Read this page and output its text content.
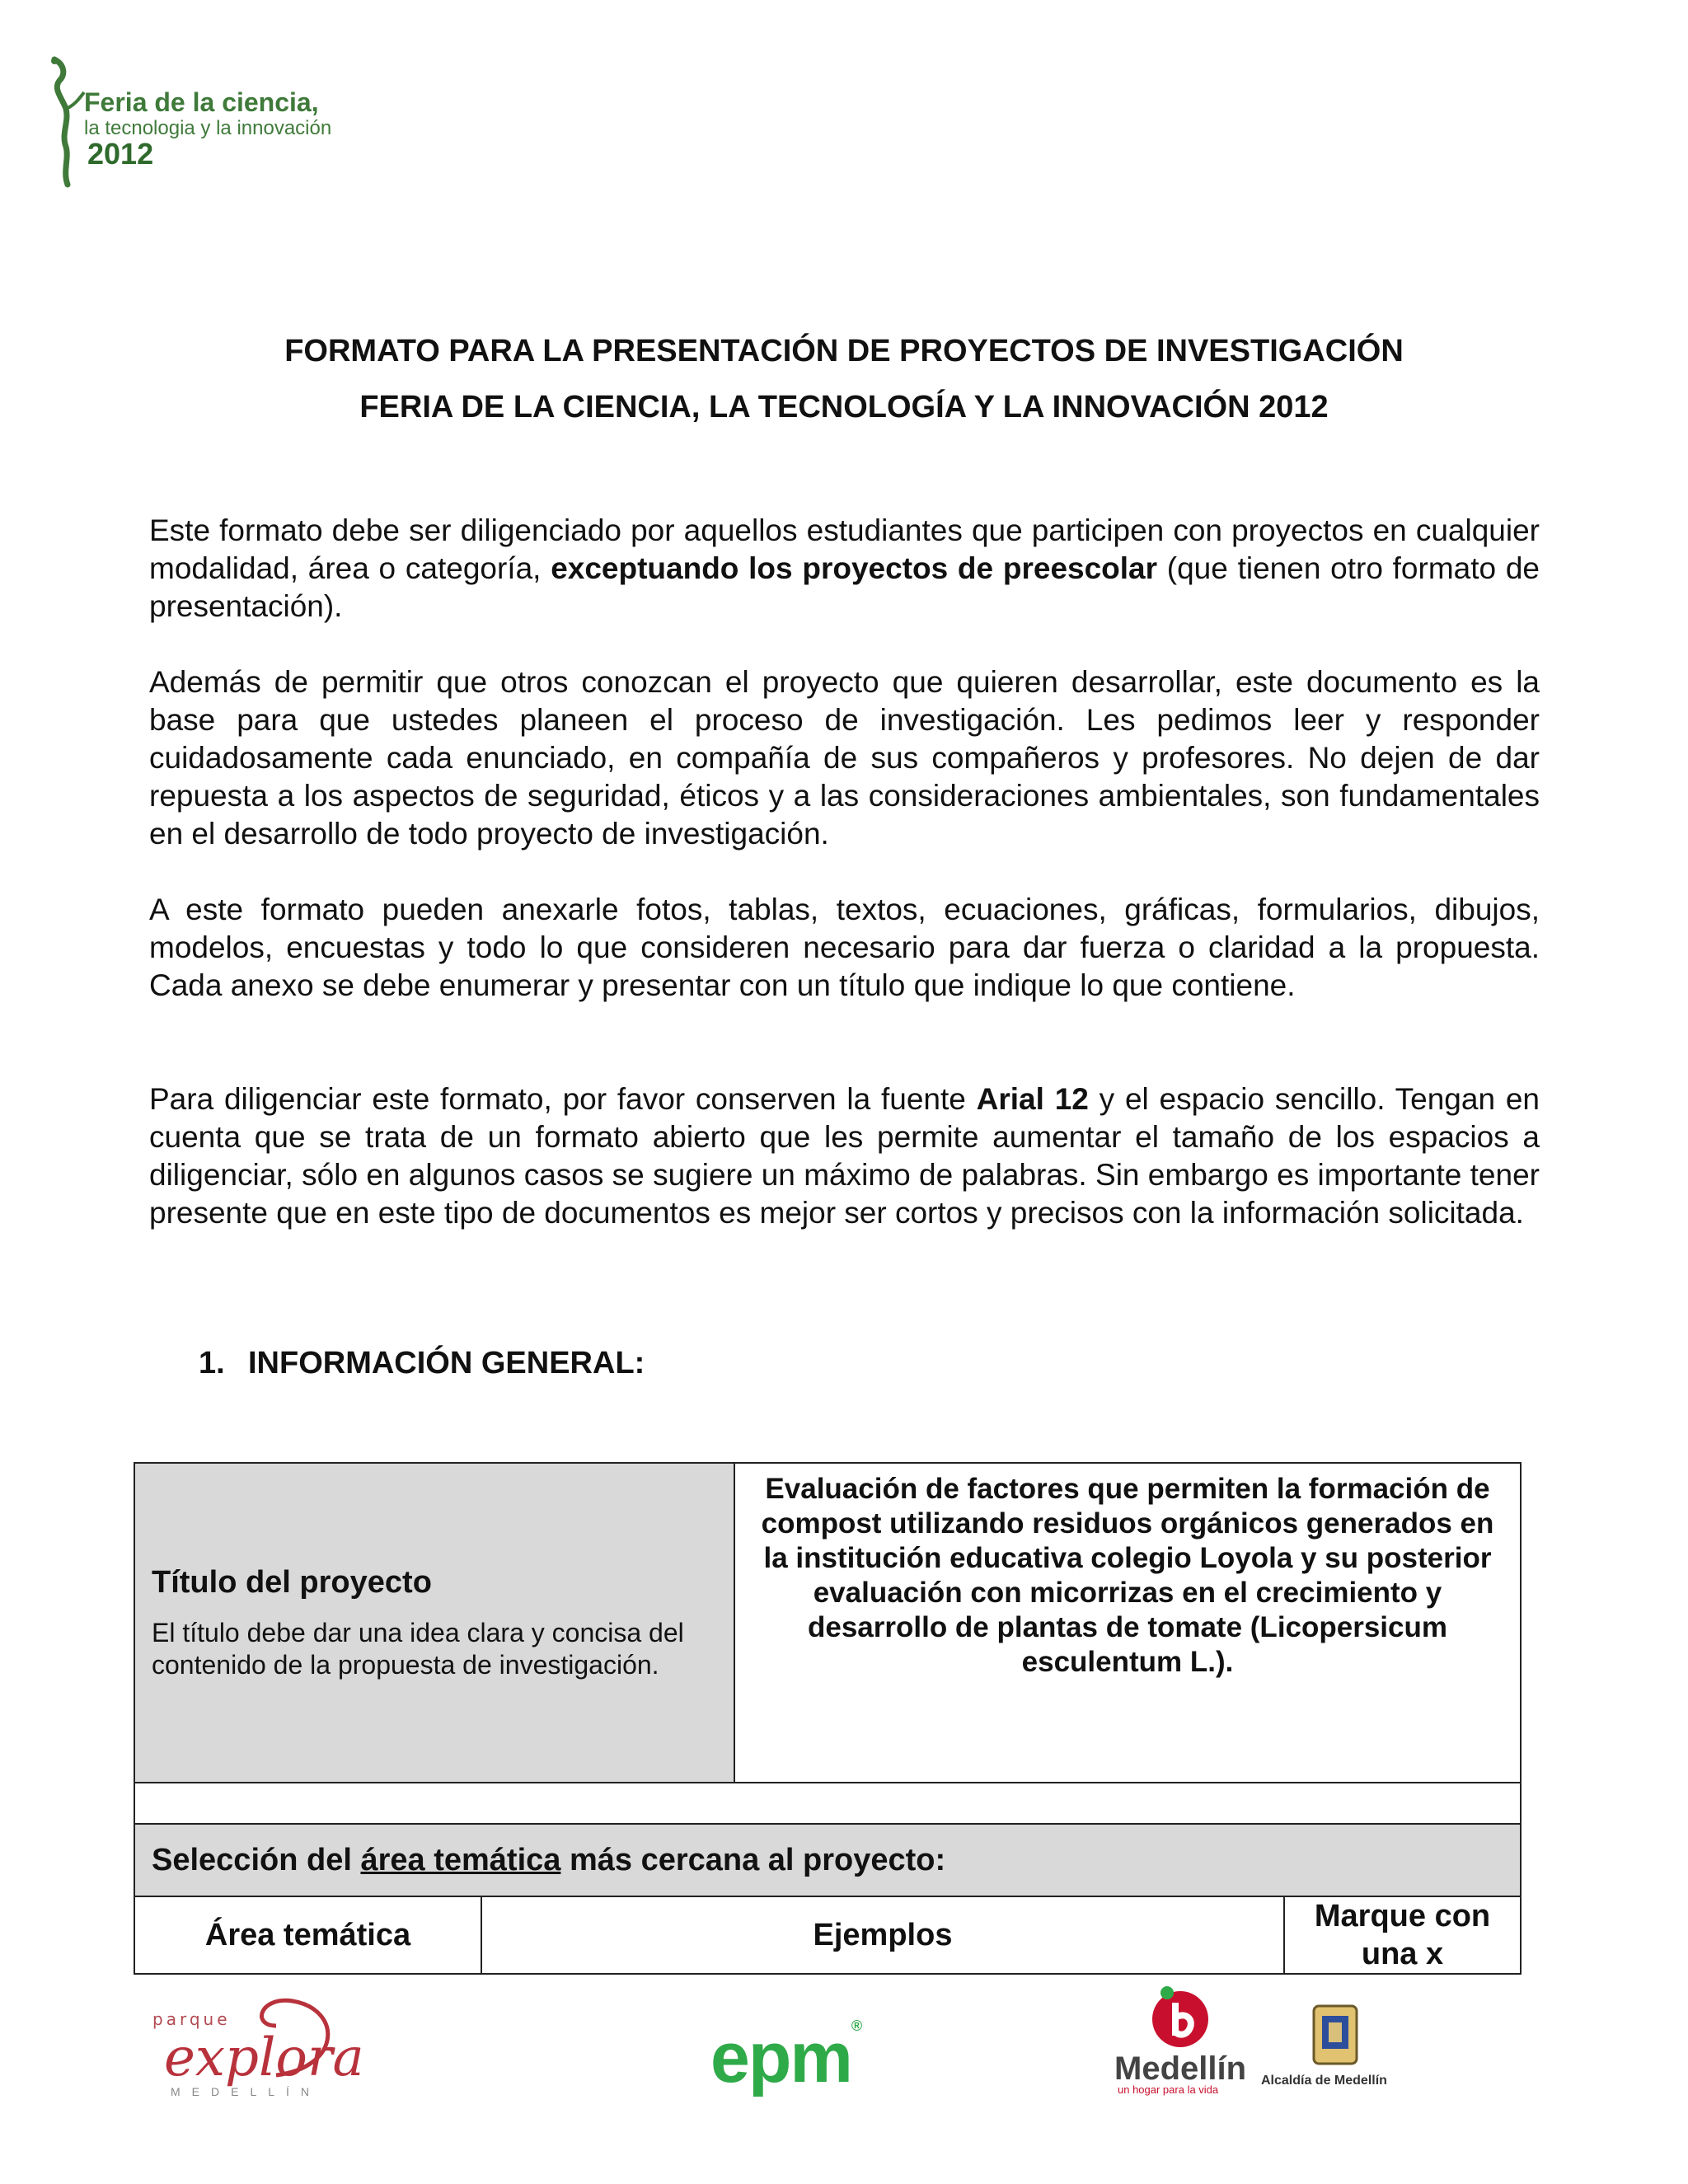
Feria de la ciencia,
la tecnologia y la innovación
2012
FORMATO PARA LA PRESENTACIÓN DE PROYECTOS DE INVESTIGACIÓN
FERIA DE LA CIENCIA, LA TECNOLOGÍA Y LA INNOVACIÓN 2012

Este formato debe ser diligenciado por aquellos estudiantes que participen con proyectos en cualquier modalidad, área o categoría, exceptuando los proyectos de preescolar (que tienen otro formato de presentación).

Además de permitir que otros conozcan el proyecto que quieren desarrollar, este documento es la base para que ustedes planeen el proceso de investigación. Les pedimos leer y responder cuidadosamente cada enunciado, en compañía de sus compañeros y profesores. No dejen de dar repuesta a los aspectos de seguridad, éticos y a las consideraciones ambientales, son fundamentales en el desarrollo de todo proyecto de investigación.

A este formato pueden anexarle fotos, tablas, textos, ecuaciones, gráficas, formularios, dibujos, modelos, encuestas y todo lo que consideren necesario para dar fuerza o claridad a la propuesta. Cada anexo se debe enumerar y presentar con un título que indique lo que contiene.

Para diligenciar este formato, por favor conserven la fuente Arial 12 y el espacio sencillo. Tengan en cuenta que se trata de un formato abierto que les permite aumentar el tamaño de los espacios a diligenciar, sólo en algunos casos se sugiere un máximo de palabras. Sin embargo es importante tener presente que en este tipo de documentos es mejor ser cortos y precisos con la información solicitada.

1. INFORMACIÓN GENERAL:
Título del proyecto
El título debe dar una idea clara y concisa del contenido de la propuesta de investigación.
Evaluación de factores que permiten la formación de compost utilizando residuos orgánicos generados en la institución educativa colegio Loyola y su posterior evaluación con micorrizas en el crecimiento y desarrollo de plantas de tomate (Licopersicum esculentum L.).
Selección del
área temática
más cercana al proyecto:
Área temática	Ejemplos
Marque con una x
parque
explora
MEDELLÍN	epm®
Medellín
un hogar para la vida
Alcaldía de Medellín
